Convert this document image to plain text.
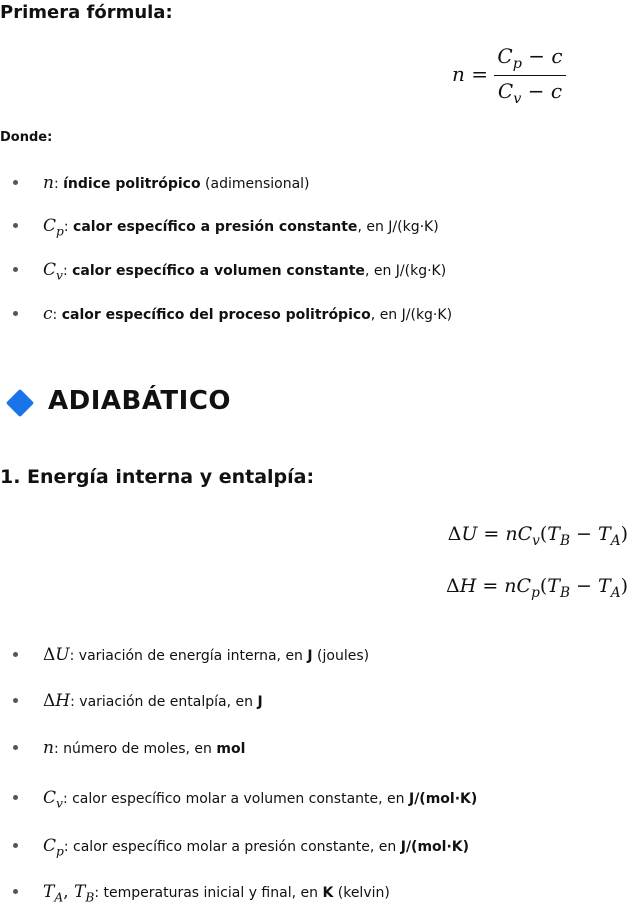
Primera fórmula:
$n = \frac{C_p - c}{C_v - c}$
Donde:
n: índice politrópico (adimensional)
$C_p$: calor específico a presión constante, en J/(kg·K)
$C_v$: calor específico a volumen constante, en J/(kg·K)
c: calor específico del proceso politrópico, en J/(kg·K)
ADIABÁTICO
1. Energía interna y entalpía:
$\Delta U = nC_v(T_B - T_A)$
$\Delta H = nC_p(T_B - T_A)$
ΔU: variación de energía interna, en J (joules)
ΔH: variación de entalpía, en J
n: número de moles, en mol
$C_v$: calor específico molar a volumen constante, en J/(mol·K)
$C_p$: calor específico molar a presión constante, en J/(mol·K)
$T_A$, $T_B$: temperaturas inicial y final, en K (kelvin)
